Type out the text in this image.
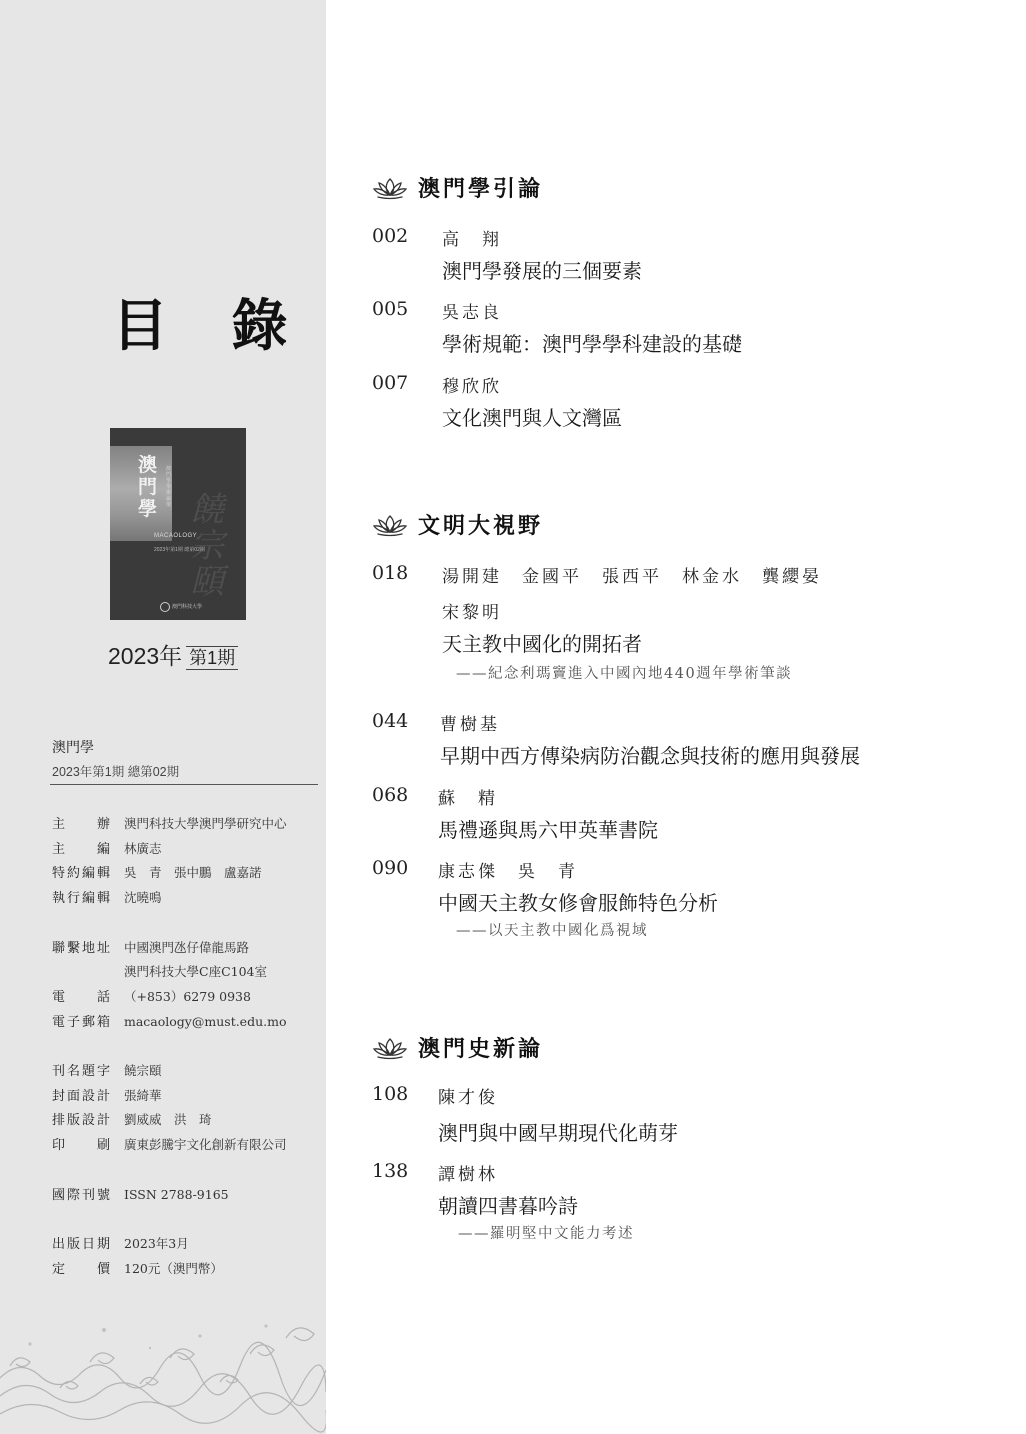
目 錄
澳門學
澳門學學術論壇 饒宗頤
MACAOLOGY
2023年第1期 總第02期
澳門科技大學
2023年 第1期
澳門學
2023年第1期 總第02期
主辦 澳門科技大學澳門學研究中心
主編 林廣志
特約編輯 吳　青　張中鵬　盧嘉諾
執行編輯 沈曉鳴
聯繫地址 中國澳門氹仔偉龍馬路
澳門科技大學C座C104室
電話 （+853）6279 0938
電子郵箱 macaology@must.edu.mo
刊名題字 饒宗頤
封面設計 張綺華
排版設計 劉威威　洪　琦
印刷 廣東彭騰宇文化創新有限公司
國際刊號 ISSN 2788-9165
出版日期 2023年3月
定價 120元（澳門幣）
澳門學引論
002 高　翔
澳門學發展的三個要素
005 吳志良
學術規範：澳門學學科建設的基礎
007 穆欣欣
文化澳門與人文灣區
文明大視野
018 湯開建　金國平　張西平　林金水　龔纓晏
宋黎明
天主教中國化的開拓者
——紀念利瑪竇進入中國內地440週年學術筆談
044 曹樹基
早期中西方傳染病防治觀念與技術的應用與發展
068 蘇　精
馬禮遜與馬六甲英華書院
090 康志傑　吳　青
中國天主教女修會服飾特色分析
——以天主教中國化爲視域
澳門史新論
108 陳才俊
澳門與中國早期現代化萌芽
138 譚樹林
朝讀四書暮吟詩
——羅明堅中文能力考述
